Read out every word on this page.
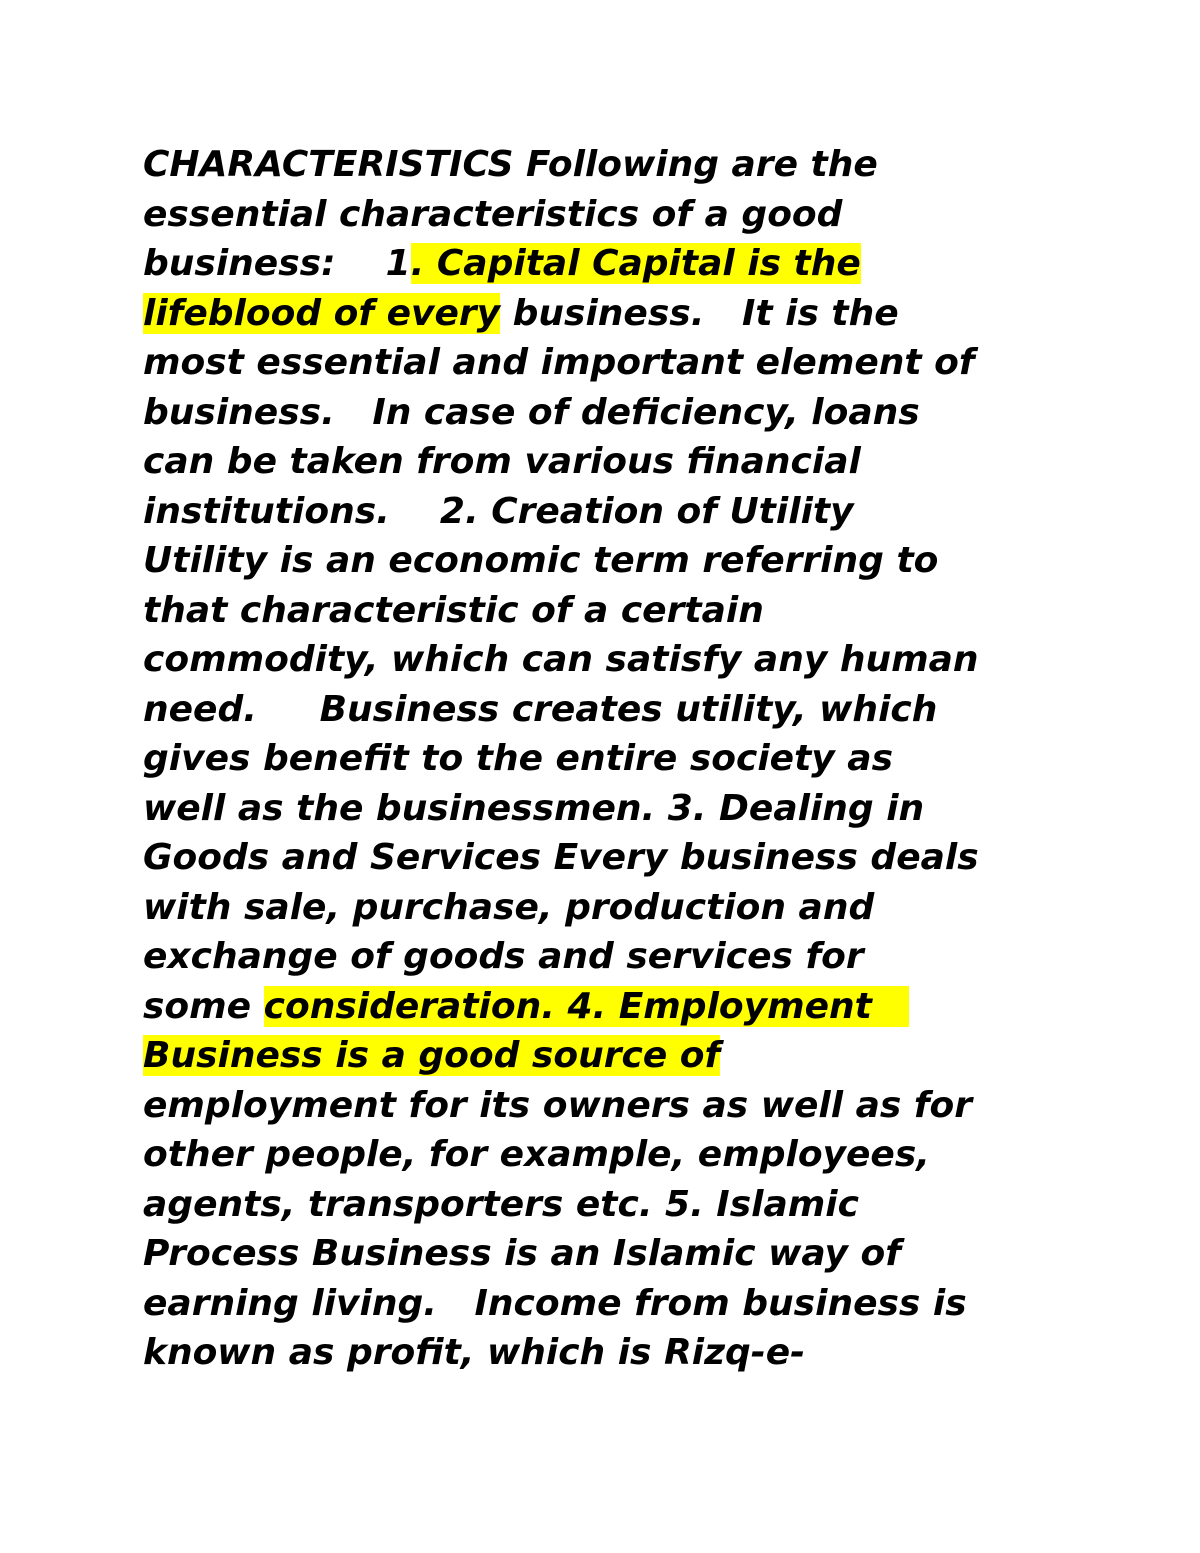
CHARACTERISTICS Following are the
essential characteristics of a good
business:    1. Capital Capital is the
lifeblood of every business.   It is the
most essential and important element of
business.   In case of deficiency, loans
can be taken from various financial
institutions.    2. Creation of Utility
Utility is an economic term referring to
that characteristic of a certain
commodity, which can satisfy any human
need.     Business creates utility, which
gives benefit to the entire society as
well as the businessmen. 3. Dealing in
Goods and Services Every business deals
with sale, purchase, production and
exchange of goods and services for
some consideration. 4. Employment
Business is a good source of
employment for its owners as well as for
other people, for example, employees,
agents, transporters etc. 5. Islamic
Process Business is an Islamic way of
earning living.   Income from business is
known as profit, which is Rizq-e-
